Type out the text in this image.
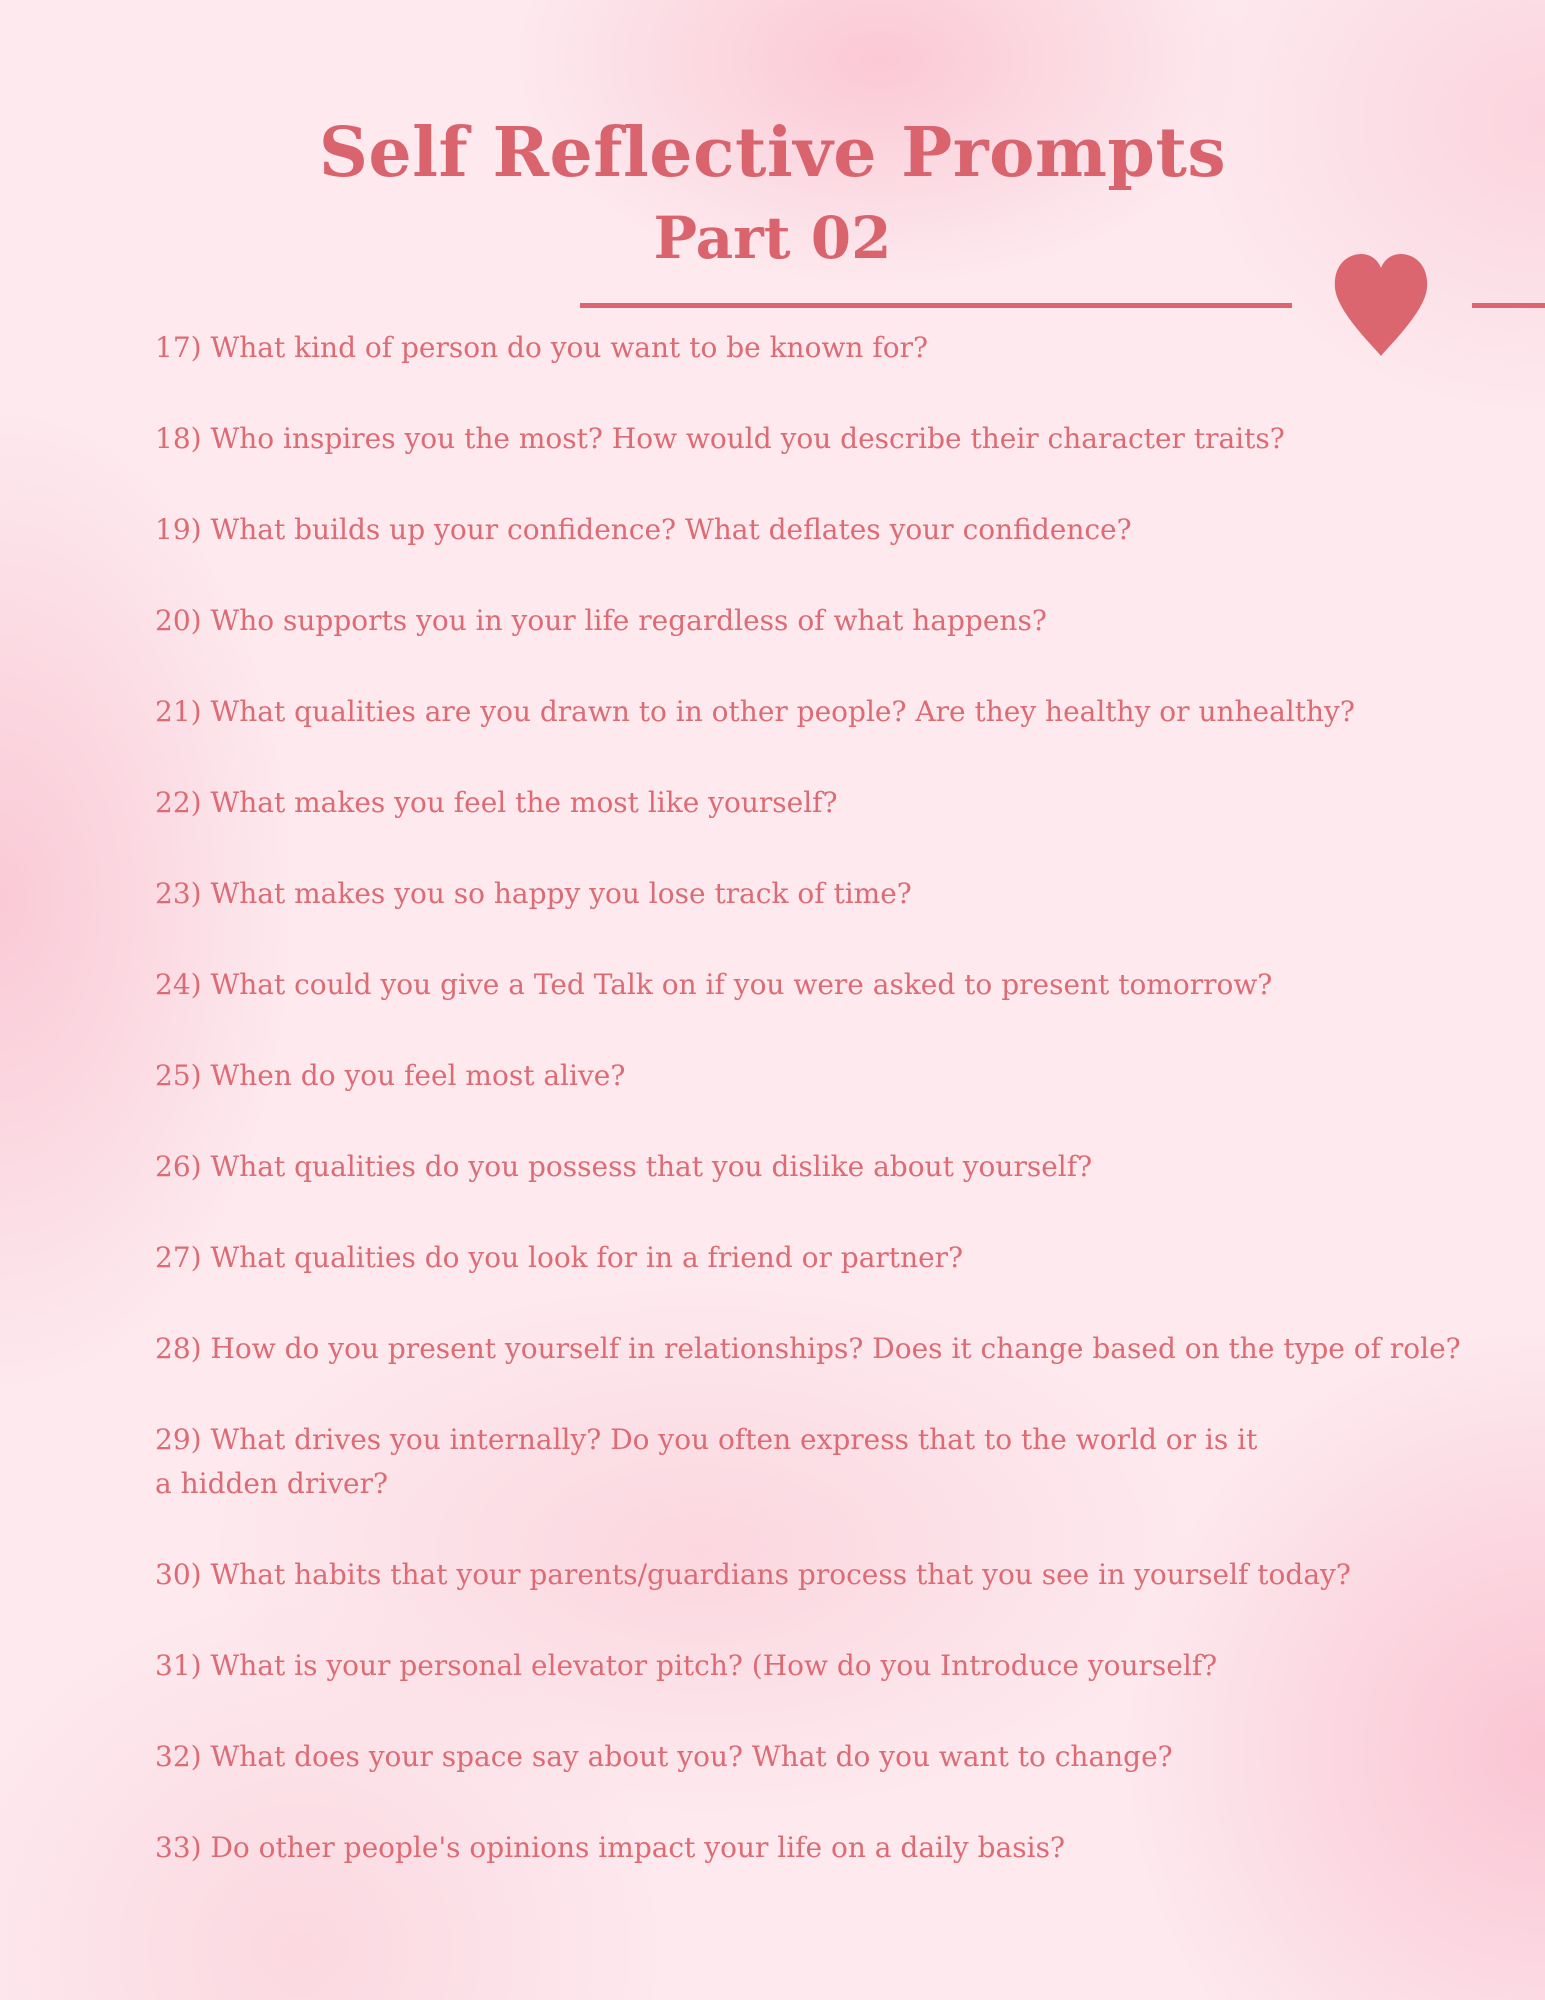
Self Reflective Prompts
Part 02
17) What kind of person do you want to be known for?
18) Who inspires you the most? How would you describe their character traits?
19) What builds up your confidence? What deflates your confidence?
20) Who supports you in your life regardless of what happens?
21) What qualities are you drawn to in other people? Are they healthy or unhealthy?
22) What makes you feel the most like yourself?
23) What makes you so happy you lose track of time?
24) What could you give a Ted Talk on if you were asked to present tomorrow?
25) When do you feel most alive?
26) What qualities do you possess that you dislike about yourself?
27) What qualities do you look for in a friend or partner?
28) How do you present yourself in relationships? Does it change based on the type of role?
29) What drives you internally? Do you often express that to the world or is it a hidden driver?
30) What habits that your parents/guardians process that you see in yourself today?
31) What is your personal elevator pitch? (How do you Introduce yourself?
32) What does your space say about you? What do you want to change?
33) Do other people's opinions impact your life on a daily basis?
